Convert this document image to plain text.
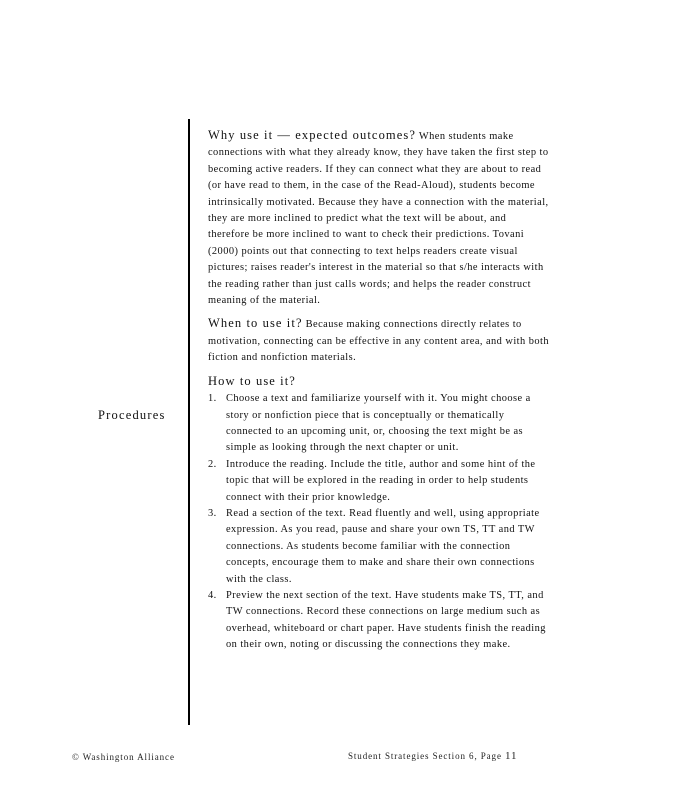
Procedures

Why use it — expected outcomes? When students make connections with what they already know, they have taken the first step to becoming active readers. If they can connect what they are about to read (or have read to them, in the case of the Read-Aloud), students become intrinsically motivated. Because they have a connection with the material, they are more inclined to predict what the text will be about, and therefore be more inclined to want to check their predictions. Tovani (2000) points out that connecting to text helps readers create visual pictures; raises reader's interest in the material so that s/he interacts with the reading rather than just calls words; and helps the reader construct meaning of the material.

When to use it? Because making connections directly relates to motivation, connecting can be effective in any content area, and with both fiction and nonfiction materials.

How to use it?
1. Choose a text and familiarize yourself with it. You might choose a story or nonfiction piece that is conceptually or thematically connected to an upcoming unit, or, choosing the text might be as simple as looking through the next chapter or unit.
2. Introduce the reading. Include the title, author and some hint of the topic that will be explored in the reading in order to help students connect with their prior knowledge.
3. Read a section of the text. Read fluently and well, using appropriate expression. As you read, pause and share your own TS, TT and TW connections. As students become familiar with the connection concepts, encourage them to make and share their own connections with the class.
4. Preview the next section of the text. Have students make TS, TT, and TW connections. Record these connections on large medium such as overhead, whiteboard or chart paper. Have students finish the reading on their own, noting or discussing the connections they make.
© Washington Alliance	Student Strategies Section 6, Page 11
